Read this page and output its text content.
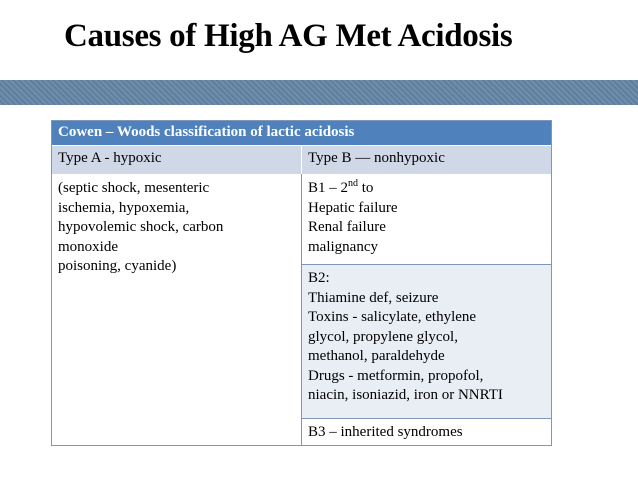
Causes of High AG Met Acidosis
Cowen – Woods classification of lactic acidosis
Type A - hypoxic	Type B — nonhypoxic
(septic shock, mesenteric
ischemia, hypoxemia,
hypovolemic shock, carbon
monoxide
poisoning, cyanide)
B1 – 2nd to
Hepatic failure
Renal failure
malignancy
B2:
Thiamine def, seizure
Toxins - salicylate, ethylene
glycol, propylene glycol,
methanol, paraldehyde
Drugs - metformin, propofol,
niacin, isoniazid, iron or NNRTI
B3 – inherited syndromes
